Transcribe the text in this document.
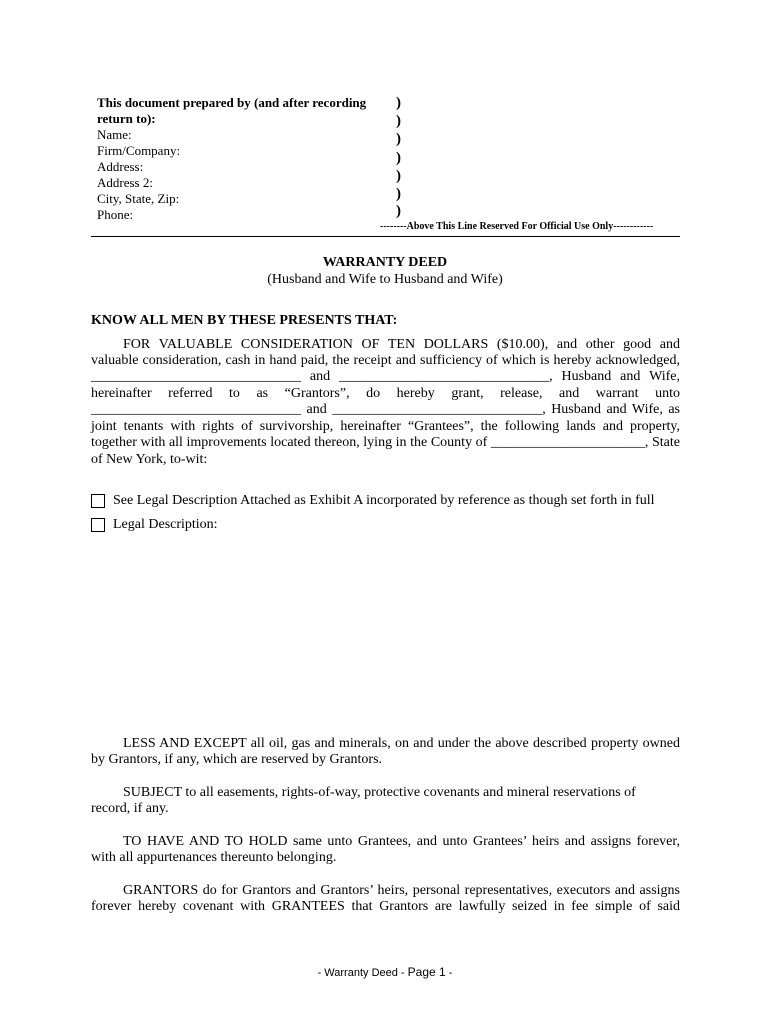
This document prepared by (and after recording
return to):
Name:
Firm/Company:
Address:
Address 2:
City, State, Zip:
Phone:
)
)
)
)
)
)
)
--------Above This Line Reserved For Official Use Only------------
WARRANTY DEED
(Husband and Wife to Husband and Wife)
KNOW ALL MEN BY THESE PRESENTS THAT:
FOR VALUABLE CONSIDERATION OF TEN DOLLARS ($10.00), and other good and
valuable consideration, cash in hand paid, the receipt and sufficiency of which is hereby acknowledged,
______________________________ and ______________________________, Husband and Wife,
hereinafter referred to as “Grantors”, do hereby grant, release, and warrant unto
______________________________ and ______________________________, Husband and Wife, as
joint tenants with rights of survivorship, hereinafter “Grantees”, the following lands and property,
together with all improvements located thereon, lying in the County of ______________________, State
of New York, to-wit:
See Legal Description Attached as Exhibit A incorporated by reference as though set forth in full
Legal Description:
LESS AND EXCEPT all oil, gas and minerals, on and under the above described property owned
by Grantors, if any, which are reserved by Grantors.
SUBJECT to all easements, rights-of-way, protective covenants and mineral reservations of
record, if any.
TO HAVE AND TO HOLD same unto Grantees, and unto Grantees’ heirs and assigns forever,
with all appurtenances thereunto belonging.
GRANTORS do for Grantors and Grantors’ heirs, personal representatives, executors and assigns
forever hereby covenant with GRANTEES that Grantors are lawfully seized in fee simple of said
- Warranty Deed - Page 1 -
